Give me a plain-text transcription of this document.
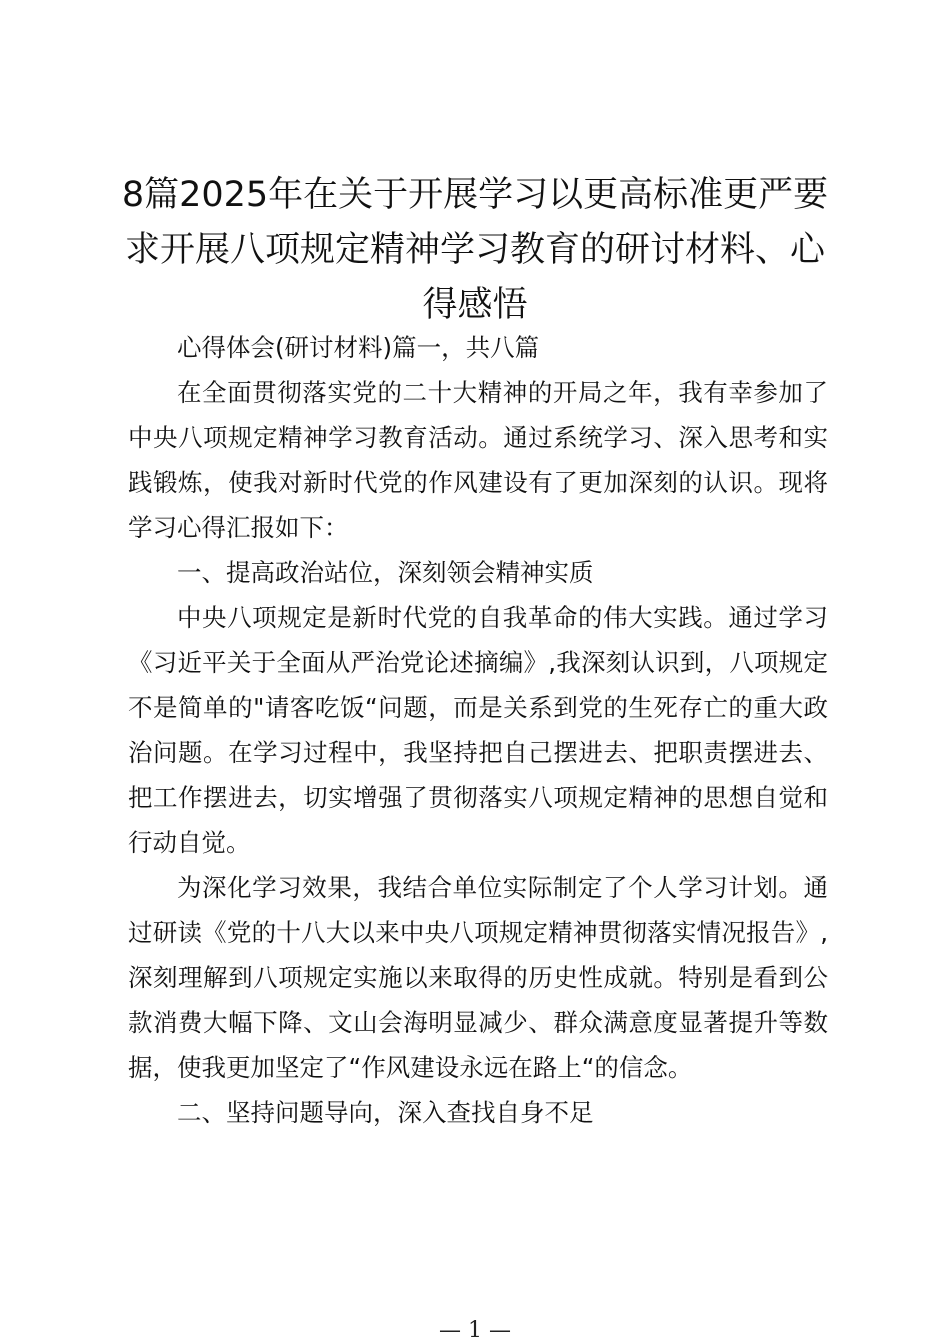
8篇2025年在关于开展学习以更高标准更严要求开展八项规定精神学习教育的研讨材料、心得感悟

心得体会(研讨材料)篇一，共八篇

在全面贯彻落实党的二十大精神的开局之年，我有幸参加了中央八项规定精神学习教育活动。通过系统学习、深入思考和实践锻炼，使我对新时代党的作风建设有了更加深刻的认识。现将学习心得汇报如下：

一、提高政治站位，深刻领会精神实质

中央八项规定是新时代党的自我革命的伟大实践。通过学习《习近平关于全面从严治党论述摘编》,我深刻认识到，八项规定不是简单的"请客吃饭“问题，而是关系到党的生死存亡的重大政治问题。在学习过程中，我坚持把自己摆进去、把职责摆进去、把工作摆进去，切实增强了贯彻落实八项规定精神的思想自觉和行动自觉。

为深化学习效果，我结合单位实际制定了个人学习计划。通过研读《党的十八大以来中央八项规定精神贯彻落实情况报告》,深刻理解到八项规定实施以来取得的历史性成就。特别是看到公款消费大幅下降、文山会海明显减少、群众满意度显著提升等数据，使我更加坚定了“作风建设永远在路上“的信念。

二、坚持问题导向，深入查找自身不足

— 1 —
